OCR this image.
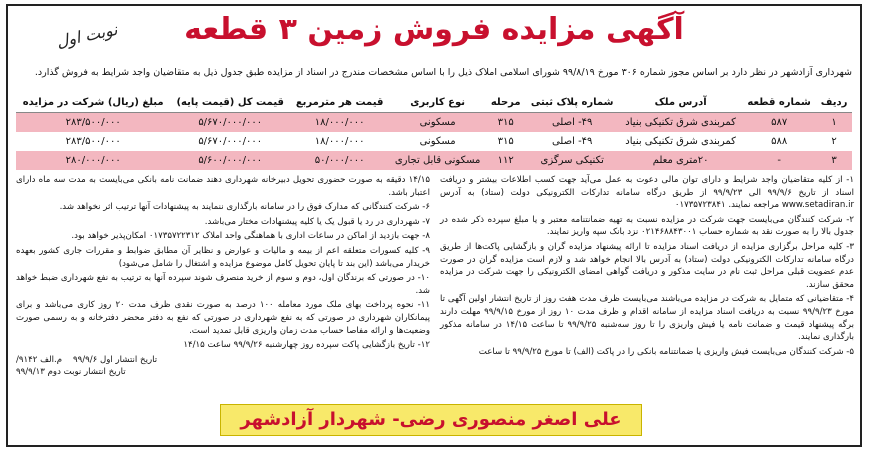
نوبت اول	آگهی مزایده فروش زمین ۳ قطعه
شهرداری آزادشهر در نظر دارد بر اساس مجوز شماره ۳۰۶ مورخ ۹۹/۸/۱۹ شورای اسلامی املاک ذیل را با اساس مشخصات مندرج در اسناد از مزایده طبق جدول ذیل به متقاضیان واجد شرایط به فروش گذارد.
ردیف	شماره قطعه	آدرس ملک	شماره پلاک ثبتی	مرحله	نوع کاربری	قیمت هر مترمربع	قیمت کل (قیمت پایه)	مبلغ (ریال) شرکت در مزایده
۱	۵۸۷	کمربندی شرق تکنیکی بنیاد	۴۹- اصلی	۳۱۵	مسکونی	۱۸/۰۰۰/۰۰۰	۵/۶۷۰/۰۰۰/۰۰۰	۲۸۳/۵۰۰/۰۰۰
۲	۵۸۸	کمربندی شرق تکنیکی بنیاد	۴۹- اصلی	۳۱۵	مسکونی	۱۸/۰۰۰/۰۰۰	۵/۶۷۰/۰۰۰/۰۰۰	۲۸۳/۵۰۰/۰۰۰
۳	-	۲۰متری معلم	تکنیکی سرگزی	۱۱۲	مسکونی قابل تجاری	۵۰/۰۰۰/۰۰۰	۵/۶۰۰/۰۰۰/۰۰۰	۲۸۰/۰۰۰/۰۰۰

۱- از کلیه متقاضیان واجد شرایط و دارای توان مالی دعوت به عمل می‌آید جهت کسب اطلاعات بیشتر و دریافت اسناد از تاریخ ۹۹/۹/۶ الی ۹۹/۹/۲۳ از طریق درگاه سامانه تدارکات الکترونیکی دولت (ستاد) به آدرس www.setadiran.ir مراجعه نمایند. ۰۱۷۳۵۷۲۳۸۴۱

۲- شرکت کنندگان می‌بایست جهت شرکت در مزایده نسبت به تهیه ضمانتنامه معتبر و یا مبلغ سپرده ذکر شده در جدول بالا را به صورت نقد به شماره حساب ۰۲۱۴۶۸۸۴۳۰۰۱ نزد بانک سپه واریز نمایند.

۳- کلیه مراحل برگزاری مزایده از دریافت اسناد مزایده تا ارائه پیشنهاد مزایده گران و بازگشایی پاکت‌ها از طریق درگاه سامانه تدارکات الکترونیکی دولت (ستاد) به آدرس بالا انجام خواهد شد و لازم است مزایده گران در صورت عدم عضویت قبلی مراحل ثبت نام در سایت مذکور و دریافت گواهی امضای الکترونیکی را جهت شرکت در مزایده محقق سازند.

۴- متقاضیانی که متمایل به شرکت در مزایده می‌باشند می‌بایست ظرف مدت هفت روز از تاریخ انتشار اولین آگهی تا مورخ ۹۹/۹/۲۳ نسبت به دریافت اسناد مزایده از سامانه اقدام و ظرف مدت ۱۰ روز از مورخ ۹۹/۹/۱۵ مهلت دارند برگه پیشنهاد قیمت و ضمانت نامه یا فیش واریزی را تا روز سه‌شنبه ۹۹/۹/۲۵ تا ساعت ۱۴/۱۵ در سامانه مذکور بارگذاری نمایند.

۵- شرکت کنندگان می‌بایست فیش واریزی یا ضمانتنامه بانکی را در پاکت (الف) تا مورخ ۹۹/۹/۲۵ تا ساعت

۱۴/۱۵ دقیقه به صورت حضوری تحویل دبیرخانه شهرداری دهند ضمانت نامه بانکی می‌بایست به مدت سه ماه دارای اعتبار باشد.

۶- شرکت کنندگانی که مدارک فوق را در سامانه بارگذاری ننمایند به پیشنهادات آنها ترتیب اثر نخواهد شد.

۷- شهرداری در رد یا قبول یک یا کلیه پیشنهادات مختار می‌باشد.

۸- جهت بازدید از اماکن در ساعات اداری با هماهنگی واحد املاک ۰۱۷۳۵۷۲۲۳۱۲ امکان‌پذیر خواهد بود.

۹- کلیه کسورات متعلقه اعم از بیمه و مالیات و عوارض و نظایر آن مطابق ضوابط و مقررات جاری کشور بعهده خریدار می‌باشد (این بند تا پایان تحویل کامل موضوع مزایده و اشتغال را شامل می‌شود)

۱۰- در صورتی که برندگان اول، دوم و سوم از خرید منصرف شوند سپرده آنها به ترتیب به نفع شهرداری ضبط خواهد شد.

۱۱- نحوه پرداخت بهای ملک مورد معامله ۱۰۰ درصد به صورت نقدی ظرف مدت ۲۰ روز کاری می‌باشد و برای پیمانکاران شهرداری در صورتی که به نفع شهرداری در صورتی که نفع به دفتر محضر دفترخانه و به رسمی صورت وضعیت‌ها و ارائه مفاصا حساب مدت زمان واریزی قابل تمدید است.

۱۲- تاریخ بازگشایی پاکت سپرده روز چهارشنبه ۹۹/۹/۲۶ ساعت ۱۴/۱۵

تاریخ انتشار اول ۹۹/۹/۶    م.الف ۹۱۴۲/
تاریخ انتشار نوبت دوم ۹۹/۹/۱۳
علی اصغر منصوری رضی- شهردار آزادشهر
